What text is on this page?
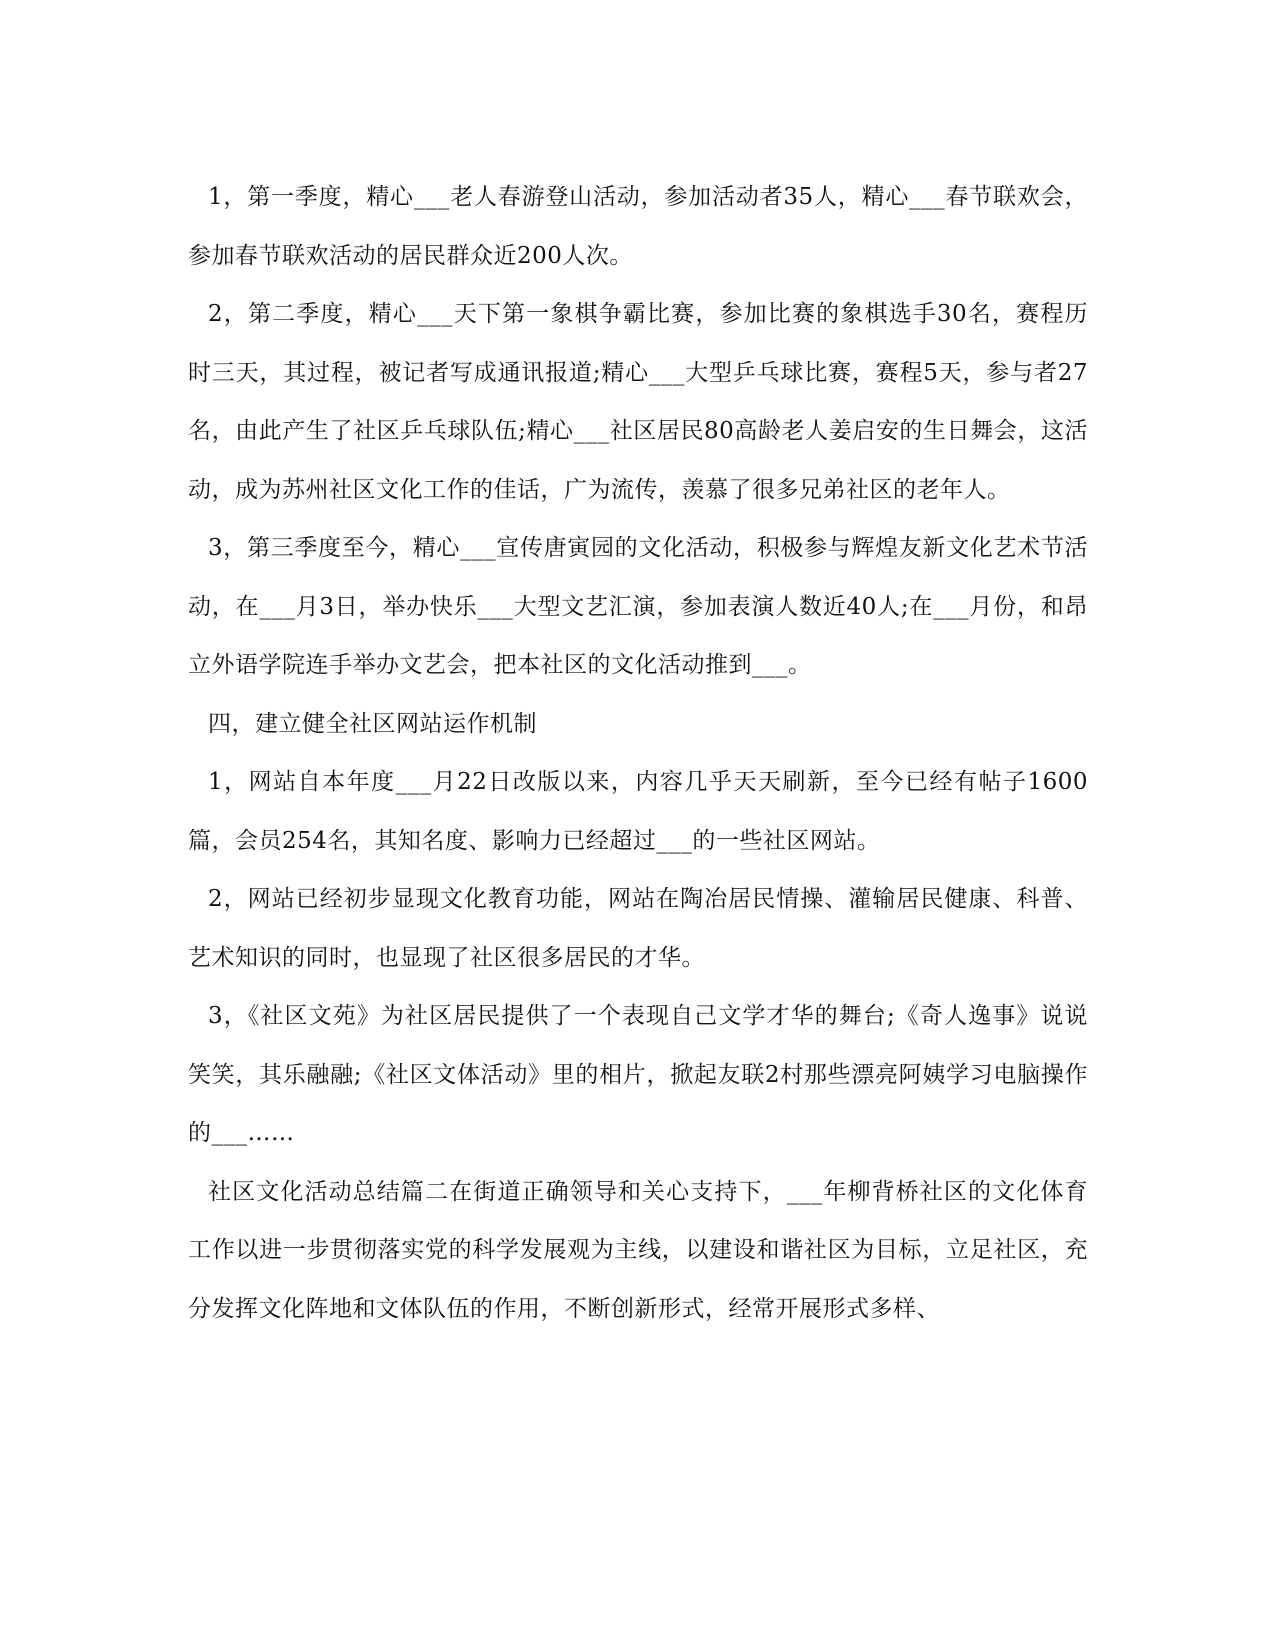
1，第一季度，精心___老人春游登山活动，参加活动者35人，精心___春节联欢会，参加春节联欢活动的居民群众近200人次。

2，第二季度，精心___天下第一象棋争霸比赛，参加比赛的象棋选手30名，赛程历时三天，其过程，被记者写成通讯报道;精心___大型乒乓球比赛，赛程5天，参与者27名，由此产生了社区乒乓球队伍;精心___社区居民80高龄老人姜启安的生日舞会，这活动，成为苏州社区文化工作的佳话，广为流传，羡慕了很多兄弟社区的老年人。

3，第三季度至今，精心___宣传唐寅园的文化活动，积极参与辉煌友新文化艺术节活动，在___月3日，举办快乐___大型文艺汇演，参加表演人数近40人;在___月份，和昂立外语学院连手举办文艺会，把本社区的文化活动推到___。

四，建立健全社区网站运作机制

1，网站自本年度___月22日改版以来，内容几乎天天刷新，至今已经有帖子1600篇，会员254名，其知名度、影响力已经超过___的一些社区网站。

2，网站已经初步显现文化教育功能，网站在陶冶居民情操、灌输居民健康、科普、艺术知识的同时，也显现了社区很多居民的才华。

3，《社区文苑》为社区居民提供了一个表现自己文学才华的舞台;《奇人逸事》说说笑笑，其乐融融;《社区文体活动》里的相片，掀起友联2村那些漂亮阿姨学习电脑操作的___……

社区文化活动总结篇二在街道正确领导和关心支持下，___年柳背桥社区的文化体育工作以进一步贯彻落实党的科学发展观为主线，以建设和谐社区为目标，立足社区，充分发挥文化阵地和文体队伍的作用，不断创新形式，经常开展形式多样、
